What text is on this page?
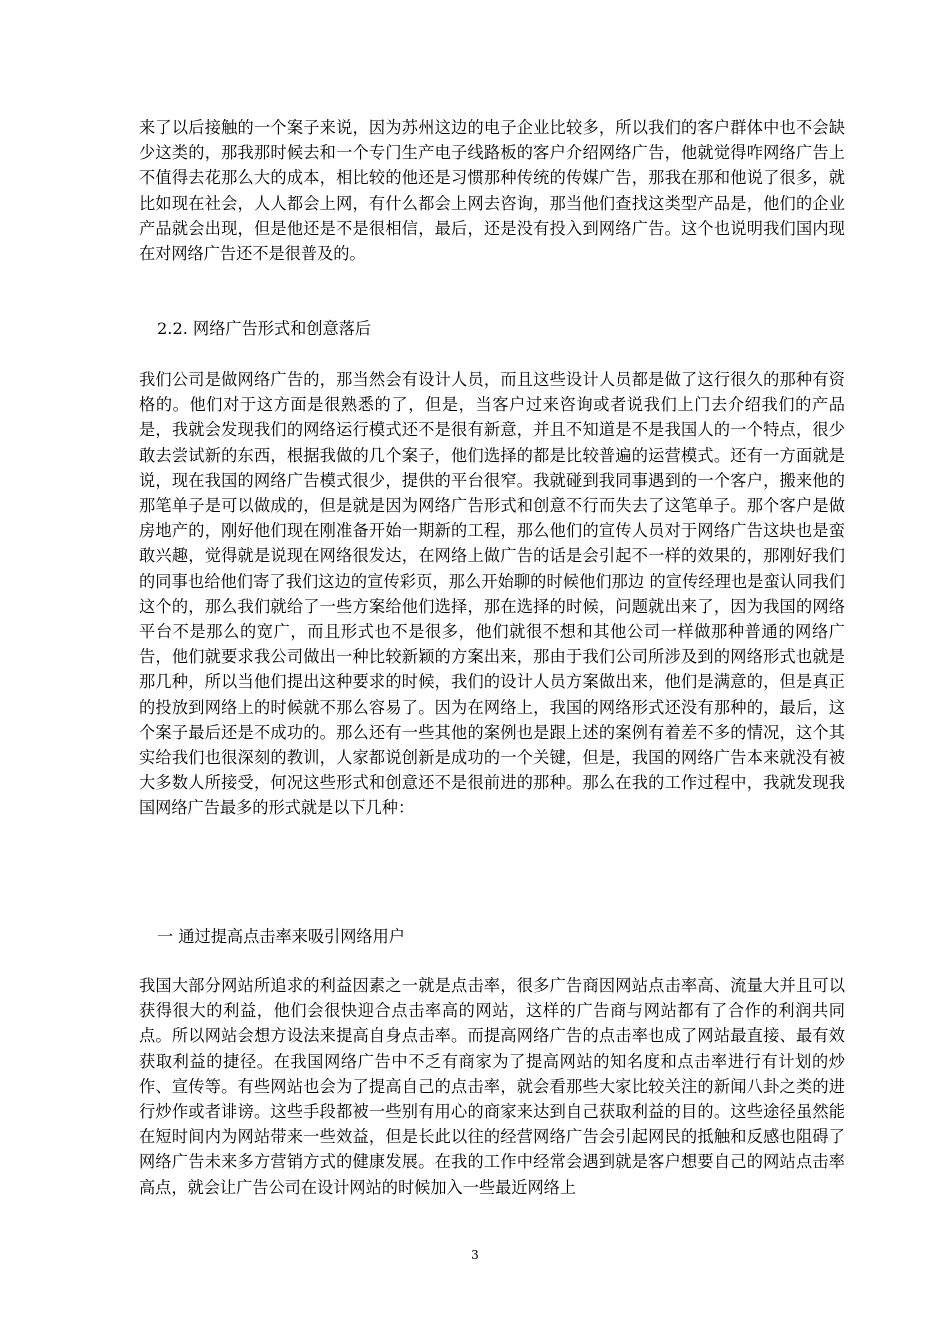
来了以后接触的一个案子来说，因为苏州这边的电子企业比较多，所以我们的客户群体中也不会缺少这类的，那我那时候去和一个专门生产电子线路板的客户介绍网络广告，他就觉得咋网络广告上不值得去花那么大的成本，相比较的他还是习惯那种传统的传媒广告，那我在那和他说了很多，就比如现在社会，人人都会上网，有什么都会上网去咨询，那当他们查找这类型产品是，他们的企业产品就会出现，但是他还是不是很相信，最后，还是没有投入到网络广告。这个也说明我们国内现在对网络广告还不是很普及的。

2.2. 网络广告形式和创意落后

我们公司是做网络广告的，那当然会有设计人员，而且这些设计人员都是做了这行很久的那种有资格的。他们对于这方面是很熟悉的了，但是，当客户过来咨询或者说我们上门去介绍我们的产品是，我就会发现我们的网络运行模式还不是很有新意，并且不知道是不是我国人的一个特点，很少敢去尝试新的东西，根据我做的几个案子，他们选择的都是比较普遍的运营模式。还有一方面就是说，现在我国的网络广告模式很少，提供的平台很窄。我就碰到我同事遇到的一个客户，搬来他的那笔单子是可以做成的，但是就是因为网络广告形式和创意不行而失去了这笔单子。那个客户是做房地产的，刚好他们现在刚准备开始一期新的工程，那么他们的宣传人员对于网络广告这块也是蛮敢兴趣，觉得就是说现在网络很发达，在网络上做广告的话是会引起不一样的效果的，那刚好我们的同事也给他们寄了我们这边的宣传彩页，那么开始聊的时候他们那边 的宣传经理也是蛮认同我们这个的，那么我们就给了一些方案给他们选择，那在选择的时候，问题就出来了，因为我国的网络平台不是那么的宽广，而且形式也不是很多，他们就很不想和其他公司一样做那种普通的网络广告，他们就要求我公司做出一种比较新颖的方案出来，那由于我们公司所涉及到的网络形式也就是那几种，所以当他们提出这种要求的时候，我们的设计人员方案做出来，他们是满意的，但是真正的投放到网络上的时候就不那么容易了。因为在网络上，我国的网络形式还没有那种的，最后，这个案子最后还是不成功的。那么还有一些其他的案例也是跟上述的案例有着差不多的情况，这个其实给我们也很深刻的教训，人家都说创新是成功的一个关键，但是，我国的网络广告本来就没有被大多数人所接受，何况这些形式和创意还不是很前进的那种。那么在我的工作过程中，我就发现我国网络广告最多的形式就是以下几种：

一 通过提高点击率来吸引网络用户

我国大部分网站所追求的利益因素之一就是点击率，很多广告商因网站点击率高、流量大并且可以获得很大的利益，他们会很快迎合点击率高的网站，这样的广告商与网站都有了合作的利润共同点。所以网站会想方设法来提高自身点击率。而提高网络广告的点击率也成了网站最直接、最有效获取利益的捷径。在我国网络广告中不乏有商家为了提高网站的知名度和点击率进行有计划的炒作、宣传等。有些网站也会为了提高自己的点击率，就会看那些大家比较关注的新闻八卦之类的进行炒作或者诽谤。这些手段都被一些别有用心的商家来达到自己获取利益的目的。这些途径虽然能在短时间内为网站带来一些效益，但是长此以往的经营网络广告会引起网民的抵触和反感也阻碍了网络广告未来多方营销方式的健康发展。在我的工作中经常会遇到就是客户想要自己的网站点击率高点，就会让广告公司在设计网站的时候加入一些最近网络上

3
